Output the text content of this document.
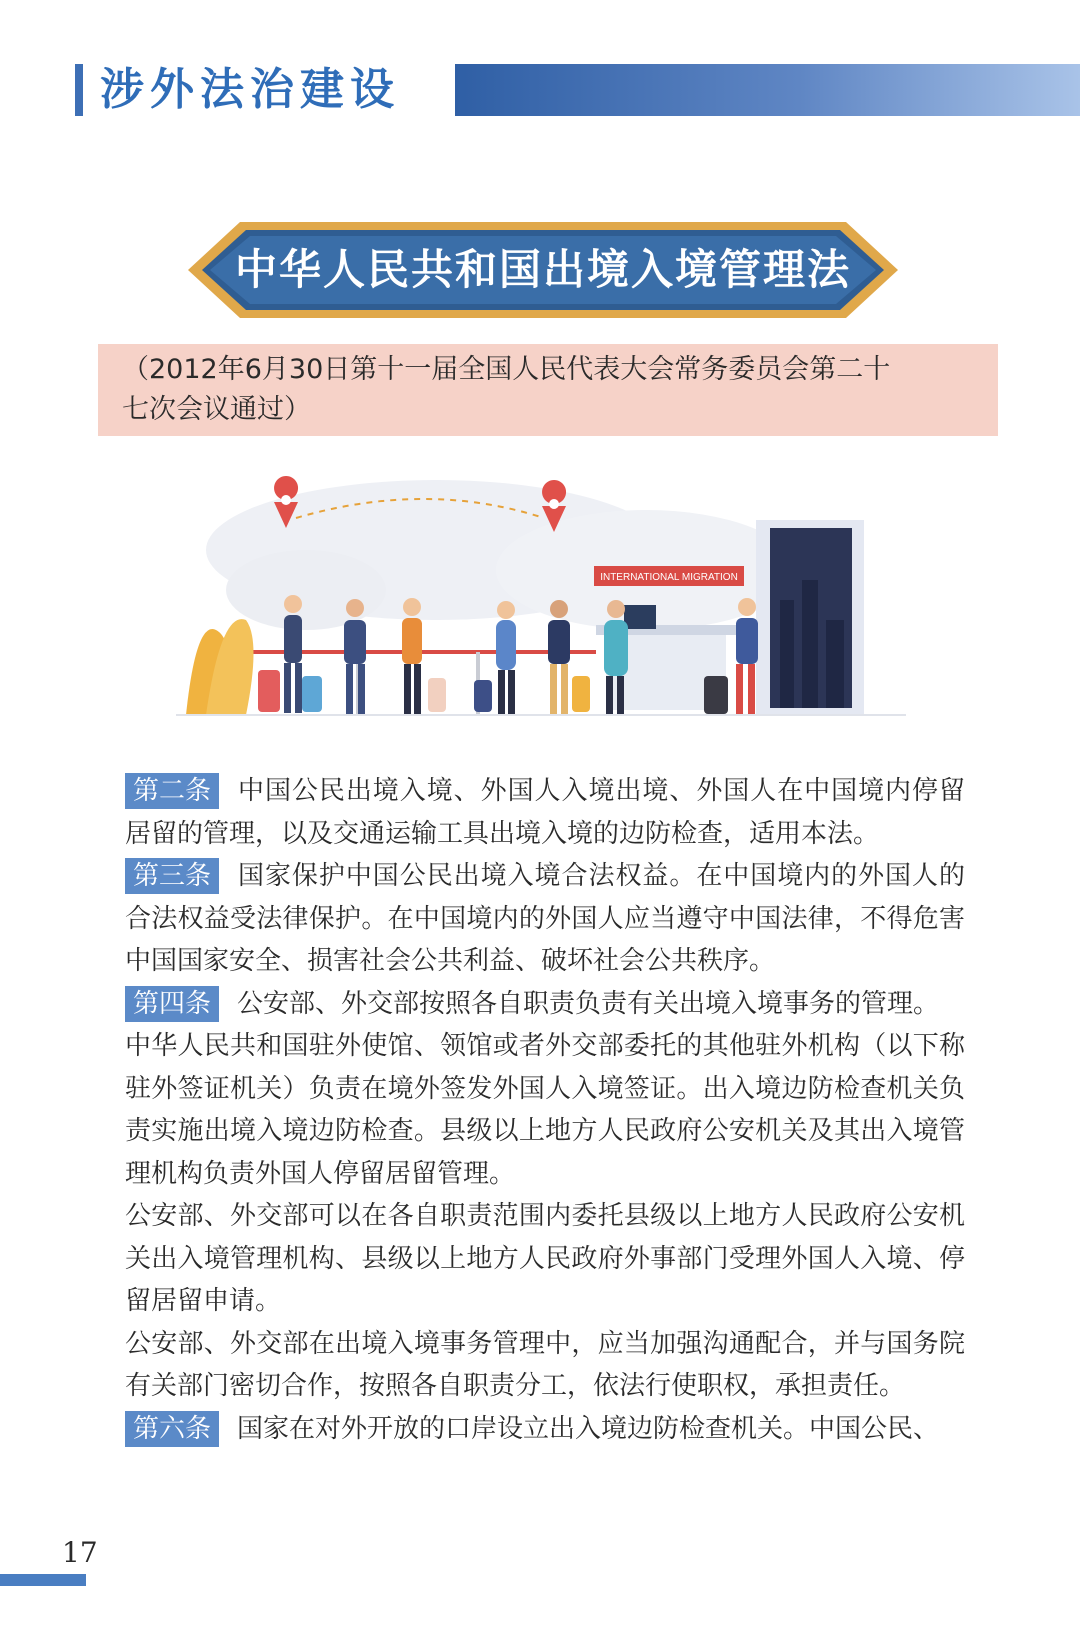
涉外法治建设
中华人民共和国出境入境管理法
（2012年6月30日第十一届全国人民代表大会常务委员会第二十
七次会议通过）
INTERNATIONAL MIGRATION

第二条 中国公民出境入境、外国人入境出境、外国人在中国境内停留居留的管理，以及交通运输工具出境入境的边防检查，适用本法。

第三条 国家保护中国公民出境入境合法权益。在中国境内的外国人的合法权益受法律保护。在中国境内的外国人应当遵守中国法律，不得危害中国国家安全、损害社会公共利益、破坏社会公共秩序。

第四条 公安部、外交部按照各自职责负责有关出境入境事务的管理。

中华人民共和国驻外使馆、领馆或者外交部委托的其他驻外机构（以下称驻外签证机关）负责在境外签发外国人入境签证。出入境边防检查机关负责实施出境入境边防检查。县级以上地方人民政府公安机关及其出入境管理机构负责外国人停留居留管理。

公安部、外交部可以在各自职责范围内委托县级以上地方人民政府公安机关出入境管理机构、县级以上地方人民政府外事部门受理外国人入境、停留居留申请。

公安部、外交部在出境入境事务管理中，应当加强沟通配合，并与国务院有关部门密切合作，按照各自职责分工，依法行使职权，承担责任。

第六条 国家在对外开放的口岸设立出入境边防检查机关。中国公民、

17
